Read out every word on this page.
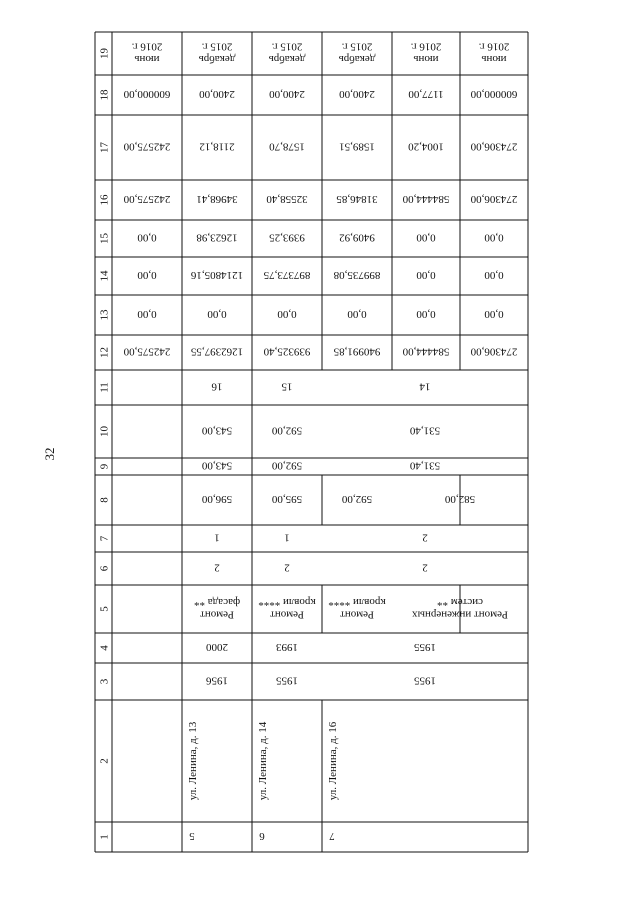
32
1
2
3
4
5
6
7
8
9
10
11
12
13
14
15
16
17
18
19
242575,00
0,00
0,00
0,00
242575,00
242575,00
600000,00
июнь2016 г.
5
ул. Ленина, д. 13
6
ул. Ленина, д. 14
7
ул. Ленина, д. 16
1956
2000
Ремонтфасада **
2
1
596,00
543,00
543,00
16
1262397,55
0,00
1214805,16
12623,98
34968,41
2118,12
2400,00
декабрь2015 г.
1955
1993
Ремонткровли ****
2
1
595,00
592,00
592,00
15
939325,40
0,00
897373,75
9393,25
32558,40
1578,70
2400,00
декабрь2015 г.
1955
1955
2
2
531,40
531,40
14
Ремонткровли ****
592,00
940991,85
0,00
899735,08
9409,92
31846,85
1589,51
2400,00
декабрь2015 г.
Ремонт инженерныхсистем **
582,00
584444,00
0,00
0,00
0,00
584444,00
1004,20
1177,00
июнь2016 г.
274306,00
0,00
0,00
0,00
274306,00
274306,00
600000,00
июнь2016 г.
